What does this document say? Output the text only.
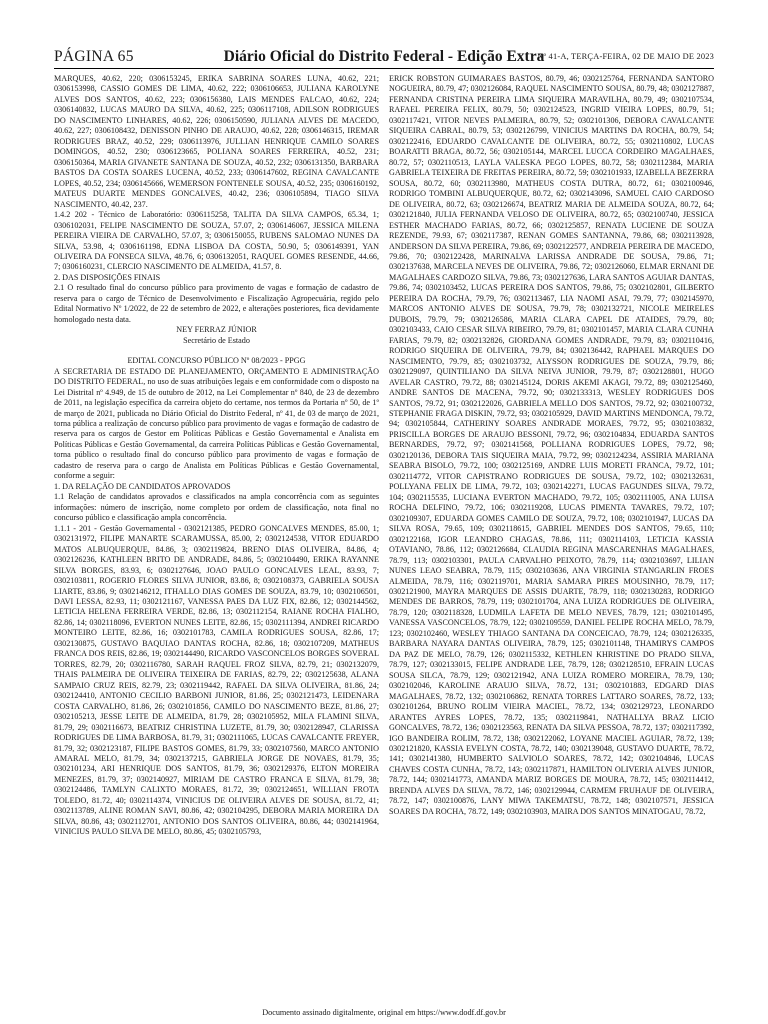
PÁGINA 65	Diário Oficial do Distrito Federal - Edição Extra
Nº 41-A, TERÇA-FEIRA, 02 DE MAIO DE 2023

MARQUES, 40.62, 220; 0306153245, ERIKA SABRINA SOARES LUNA, 40.62, 221; 0306153998, CASSIO GOMES DE LIMA, 40.62, 222; 0306106653, JULIANA KAROLYNE ALVES DOS SANTOS, 40.62, 223; 0306156380, LAIS MENDES FALCAO, 40.62, 224; 0306140832, LUCAS MAURO DA SILVA, 40.62, 225; 0306117108, ADILSON RODRIGUES DO NASCIMENTO LINHARES, 40.62, 226; 0306150590, JULIANA ALVES DE MACEDO, 40.62, 227; 0306108432, DENISSON PINHO DE ARAUJO, 40.62, 228; 0306146315, IREMAR RODRIGUES BRAZ, 40.52, 229; 0306113976, JULLIAN HENRIQUE CAMILO SOARES DOMINGOS, 40.52, 230; 0306123665, POLIANA SOARES FERREIRA, 40.52, 231; 0306150364, MARIA GIVANETE SANTANA DE SOUZA, 40.52, 232; 0306131350, BARBARA BASTOS DA COSTA SOARES LUCENA, 40.52, 233; 0306147602, REGINA CAVALCANTE LOPES, 40.52, 234; 0306145666, WEMERSON FONTENELE SOUSA, 40.52, 235; 0306160192, MATEUS DUARTE MENDES GONCALVES, 40.42, 236; 0306105894, TIAGO SILVA NASCIMENTO, 40.42, 237.

1.4.2 202 - Técnico de Laboratório: 0306115258, TALITA DA SILVA CAMPOS, 65.34, 1; 0306102031, FELIPE NASCIMENTO DE SOUZA, 57.07, 2; 0306146067, JESSICA MILENA PEREIRA VIEIRA DE CARVALHO, 57.07, 3; 0306150055, RUBENS SALOMAO NUNES DA SILVA, 53.98, 4; 0306161198, EDNA LISBOA DA COSTA, 50.90, 5; 0306149391, YAN OLIVEIRA DA FONSECA SILVA, 48.76, 6; 0306132051, RAQUEL GOMES RESENDE, 44.66, 7; 0306160231, CLERCIO NASCIMENTO DE ALMEIDA, 41.57, 8.

2. DAS DISPOSIÇÕES FINAIS

2.1 O resultado final do concurso público para provimento de vagas e formação de cadastro de reserva para o cargo de Técnico de Desenvolvimento e Fiscalização Agropecuária, regido pelo Edital Normativo Nº 1/2022, de 22 de setembro de 2022, e alterações posteriores, fica devidamente homologado nesta data.

NEY FERRAZ JÚNIOR

Secretário de Estado

EDITAL CONCURSO PÚBLICO Nº 08/2023 - PPGG

A SECRETARIA DE ESTADO DE PLANEJAMENTO, ORÇAMENTO E ADMINISTRAÇÃO DO DISTRITO FEDERAL, no uso de suas atribuições legais e em conformidade com o disposto na Lei Distrital nº 4.949, de 15 de outubro de 2012, na Lei Complementar nº 840, de 23 de dezembro de 2011, na legislação específica da carreira objeto do certame, nos termos da Portaria nº 50, de 1º de março de 2021, publicada no Diário Oficial do Distrito Federal, nº 41, de 03 de março de 2021, torna pública a realização de concurso público para provimento de vagas e formação de cadastro de reserva para os cargos de Gestor em Políticas Públicas e Gestão Governamental e Analista em Políticas Públicas e Gestão Governamental, da carreira Políticas Públicas e Gestão Governamental, torna público o resultado final do concurso público para provimento de vagas e formação de cadastro de reserva para o cargo de Analista em Políticas Públicas e Gestão Governamental, conforme a seguir:

1. DA RELAÇÃO DE CANDIDATOS APROVADOS

1.1 Relação de candidatos aprovados e classificados na ampla concorrência com as seguintes informações: número de inscrição, nome completo por ordem de classificação, nota final no concurso público e classificação ampla concorrência.

1.1.1 - 201 - Gestão Governamental - 0302121385, PEDRO GONCALVES MENDES, 85.00, 1; 0302131972, FILIPE MANARTE SCARAMUSSA, 85.00, 2; 0302124538, VITOR EDUARDO MATOS ALBUQUERQUE, 84.86, 3; 0302119824, BRENO DIAS OLIVEIRA, 84.86, 4; 0302126236, KATHLEEN BRITO DE ANDRADE, 84.86, 5; 0302104490, ERIKA RAYANNE SILVA BORGES, 83.93, 6; 0302127646, JOAO PAULO GONCALVES LEAL, 83.93, 7; 0302103811, ROGERIO FLORES SILVA JUNIOR, 83.86, 8; 0302108373, GABRIELA SOUSA LIARTE, 83.86, 9; 0302146212, ITHALLO DIAS GOMES DE SOUZA, 83.79, 10; 0302106501, DAVI LESSA, 82.93, 11; 0302121167, VANESSA PAES DA LUZ FIX, 82.86, 12; 0302144562, LETICIA HELENA FERREIRA VERDE, 82.86, 13; 0302112154, RAIANE ROCHA FIALHO, 82.86, 14; 0302118096, EVERTON NUNES LEITE, 82.86, 15; 0302111394, ANDREI RICARDO MONTEIRO LEITE, 82.86, 16; 0302101783, CAMILA RODRIGUES SOUSA, 82.86, 17; 0302130875, GUSTAVO BAQUIAO DANTAS ROCHA, 82.86, 18; 0302107209, MATHEUS FRANCA DOS REIS, 82.86, 19; 0302144490, RICARDO VASCONCELOS BORGES SOVERAL TORRES, 82.79, 20; 0302116780, SARAH RAQUEL FROZ SILVA, 82.79, 21; 0302132079, THAIS PALMEIRA DE OLIVEIRA TEIXEIRA DE FARIAS, 82.79, 22; 0302125638, ALANA SAMPAIO CRUZ REIS, 82.79, 23; 0302119442, RAFAEL DA SILVA OLIVEIRA, 81.86, 24; 0302124410, ANTONIO CECILIO BARBONI JUNIOR, 81.86, 25; 0302121473, LEIDENARA COSTA CARVALHO, 81.86, 26; 0302101856, CAMILO DO NASCIMENTO BEZE, 81.86, 27; 0302105213, JESSE LEITE DE ALMEIDA, 81.79, 28; 0302105952, MILA FLAMINI SILVA, 81.79, 29; 0302116673, BEATRIZ CHRISTINA LUZETE, 81.79, 30; 0302128947, CLARISSA RODRIGUES DE LIMA BARBOSA, 81.79, 31; 0302111065, LUCAS CAVALCANTE FREYER, 81.79, 32; 0302123187, FILIPE BASTOS GOMES, 81.79, 33; 0302107560, MARCO ANTONIO AMARAL MELO, 81.79, 34; 0302137215, GABRIELA JORGE DE NOVAES, 81.79, 35; 0302101234, ARI HENRIQUE DOS SANTOS, 81.79, 36; 0302129376, ELTON MOREIRA MENEZES, 81.79, 37; 0302140927, MIRIAM DE CASTRO FRANCA E SILVA, 81.79, 38; 0302124486, TAMLYN CALIXTO MORAES, 81.72, 39; 0302124651, WILLIAN FROTA TOLEDO, 81.72, 40; 0302114374, VINICIUS DE OLIVEIRA ALVES DE SOUSA, 81.72, 41; 0302113789, ALINE ROMAN SAVI, 80.86, 42; 0302104295, DEBORA MARIA MOREIRA DA SILVA, 80.86, 43; 0302112701, ANTONIO DOS SANTOS OLIVEIRA, 80.86, 44; 0302141964, VINICIUS PAULO SILVA DE MELO, 80.86, 45; 0302105793,

ERICK ROBSTON GUIMARAES BASTOS, 80.79, 46; 0302125764, FERNANDA SANTORO NOGUEIRA, 80.79, 47; 0302126084, RAQUEL NASCIMENTO SOUSA, 80.79, 48; 0302127887, FERNANDA CRISTINA PEREIRA LIMA SIQUEIRA MARAVILHA, 80.79, 49; 0302107534, RAFAEL PEREIRA FELIX, 80.79, 50; 0302124523, INGRID VIEIRA LOPES, 80.79, 51; 0302117421, VITOR NEVES PALMEIRA, 80.79, 52; 0302101306, DEBORA CAVALCANTE SIQUEIRA CABRAL, 80.79, 53; 0302126799, VINICIUS MARTINS DA ROCHA, 80.79, 54; 0302122416, EDUARDO CAVALCANTE DE OLIVEIRA, 80.72, 55; 0302110802, LUCAS BOARATTI BRAGA, 80.72, 56; 0302105144, MARCEL LUCCA CORDEIRO MAGALHAES, 80.72, 57; 0302110513, LAYLA VALESKA PEGO LOPES, 80.72, 58; 0302112384, MARIA GABRIELA TEIXEIRA DE FREITAS PEREIRA, 80.72, 59; 0302101933, IZABELLA BEZERRA SOUSA, 80.72, 60; 0302113980, MATHEUS COSTA DUTRA, 80.72, 61; 0302100946, RODRIGO TOMBINI ALBUQUERQUE, 80.72, 62; 0302143096, SAMUEL CAIO CARDOSO DE OLIVEIRA, 80.72, 63; 0302126674, BEATRIZ MARIA DE ALMEIDA SOUZA, 80.72, 64; 0302121840, JULIA FERNANDA VELOSO DE OLIVEIRA, 80.72, 65; 0302100740, JESSICA ESTHER MACHADO FARIAS, 80.72, 66; 0302125857, RENATA LUCIENE DE SOUZA REZENDE, 79.93, 67; 0302117387, RENAN GOMES SANTANNA, 79.86, 68; 0302113928, ANDERSON DA SILVA PEREIRA, 79.86, 69; 0302122577, ANDREIA PEREIRA DE MACEDO, 79.86, 70; 0302122428, MARINALVA LARISSA ANDRADE DE SOUSA, 79.86, 71; 0302137638, MARCELA NEVES DE OLIVEIRA, 79.86, 72; 0302126060, ELMAR ERNANI DE MAGALHAES CARDOZO SILVA, 79.86, 73; 0302127636, LARA SANTOS AGUIAR DANTAS, 79.86, 74; 0302103452, LUCAS PEREIRA DOS SANTOS, 79.86, 75; 0302102801, GILBERTO PEREIRA DA ROCHA, 79.79, 76; 0302113467, LIA NAOMI ASAI, 79.79, 77; 0302145970, MARCOS ANTONIO ALVES DE SOUSA, 79.79, 78; 0302132721, NICOLE MEIRELES DUBOIS, 79.79, 79; 0302126586, MARIA CLARA CAPEL DE ATAIDES, 79.79, 80; 0302103433, CAIO CESAR SILVA RIBEIRO, 79.79, 81; 0302101457, MARIA CLARA CUNHA FARIAS, 79.79, 82; 0302132826, GIORDANA GOMES ANDRADE, 79.79, 83; 0302110416, RODRIGO SIQUEIRA DE OLIVEIRA, 79.79, 84; 0302136442, RAPHAEL MARQUES DO NASCIMENTO, 79.79, 85; 0302103732, ALYSSON RODRIGUES DE SOUZA, 79.79, 86; 0302129097, QUINTILIANO DA SILVA NEIVA JUNIOR, 79.79, 87; 0302128801, HUGO AVELAR CASTRO, 79.72, 88; 0302145124, DORIS AKEMI AKAGI, 79.72, 89; 0302125460, ANDRE SANTOS DE MACENA, 79.72, 90; 0302133313, WESLEY RODRIGUES DOS SANTOS, 79.72, 91; 0302122026, GABRIELA MELLO DOS SANTOS, 79.72, 92; 0302100732, STEPHANIE FRAGA DISKIN, 79.72, 93; 0302105929, DAVID MARTINS MENDONCA, 79.72, 94; 0302105844, CATHERINY SOARES ANDRADE MORAES, 79.72, 95; 0302103832, PRISCILLA BORGES DE ARAUJO BESSONI, 79.72, 96; 0302104834, EDUARDA SANTOS BERNARDES, 79.72, 97; 0302141568, POLLIANA RODRIGUES LOPES, 79.72, 98; 0302120136, DEBORA TAIS SIQUEIRA MAIA, 79.72, 99; 0302124234, ASSIRIA MARIANA SEABRA BISOLO, 79.72, 100; 0302125169, ANDRE LUIS MORETI FRANCA, 79.72, 101; 0302114772, VITOR CAPISTRANO RODRIGUES DE SOUSA, 79.72, 102; 0302132631, POLLYANA FELIX DE LIMA, 79.72, 103; 0302142271, LUCAS FAGUNDES SILVA, 79.72, 104; 0302115535, LUCIANA EVERTON MACHADO, 79.72, 105; 0302111005, ANA LUISA ROCHA DELFINO, 79.72, 106; 0302119208, LUCAS PIMENTA TAVARES, 79.72, 107; 0302109307, EDUARDA GOMES CAMILO DE SOUZA, 79.72, 108; 0302101947, LUCAS DA SILVA ROSA, 79.65, 109; 0302118615, GABRIEL MENDES DOS SANTOS, 79.65, 110; 0302122168, IGOR LEANDRO CHAGAS, 78.86, 111; 0302114103, LETICIA KASSIA OTAVIANO, 78.86, 112; 0302126684, CLAUDIA REGINA MASCARENHAS MAGALHAES, 78.79, 113; 0302103301, PAULA CARVALHO PEIXOTO, 78.79, 114; 0302103697, LILIAN NUNES LEAO SEABRA, 78.79, 115; 0302103636, ANA VIRGINIA STANGARLIN FROES ALMEIDA, 78.79, 116; 0302119701, MARIA SAMARA PIRES MOUSINHO, 78.79, 117; 0302121900, MAYRA MARQUES DE ASSIS DUARTE, 78.79, 118; 0302130283, RODRIGO MENDES DE BARROS, 78.79, 119; 0302101704, ANA LUIZA RODRIGUES DE OLIVEIRA, 78.79, 120; 0302118328, LUDMILA LAFETA DE MELO NEVES, 78.79, 121; 0302101495, VANESSA VASCONCELOS, 78.79, 122; 0302109559, DANIEL FELIPE ROCHA MELO, 78.79, 123; 0302102460, WESLEY THIAGO SANTANA DA CONCEICAO, 78.79, 124; 0302126335, BARBARA NAYARA DANTAS OLIVEIRA, 78.79, 125; 0302101148, THAMIRYS CAMPOS DA PAZ DE MELO, 78.79, 126; 0302115332, KETHLEN KHRISTINE DO PRADO SILVA, 78.79, 127; 0302133015, FELIPE ANDRADE LEE, 78.79, 128; 0302128510, EFRAIN LUCAS SOUSA SILCA, 78.79, 129; 0302121942, ANA LUIZA ROMERO MOREIRA, 78.79, 130; 0302102046, KAROLINE ARAUJO SILVA, 78.72, 131; 0302101883, EDGARD DIAS MAGALHAES, 78.72, 132; 0302106862, RENATA TORRES LATTARO SOARES, 78.72, 133; 0302101264, BRUNO ROLIM VIEIRA MACIEL, 78.72, 134; 0302129723, LEONARDO ARANTES AYRES LOPES, 78.72, 135; 0302119841, NATHALLYA BRAZ LICIO GONCALVES, 78.72, 136; 0302123563, RENATA DA SILVA PESSOA, 78.72, 137; 0302117392, IGO BANDEIRA ROLIM, 78.72, 138; 0302122062, LOYANE MACIEL AGUIAR, 78.72, 139; 0302121820, KASSIA EVELYN COSTA, 78.72, 140; 0302139048, GUSTAVO DUARTE, 78.72, 141; 0302141380, HUMBERTO SALVIOLO SOARES, 78.72, 142; 0302104846, LUCAS CHAVES COSTA CUNHA, 78.72, 143; 0302117871, HAMILTON OLIVERIA ALVES JUNIOR, 78.72, 144; 0302141773, AMANDA MARIZ BORGES DE MOURA, 78.72, 145; 0302114412, BRENDA ALVES DA SILVA, 78.72, 146; 0302129944, CARMEM FRUHAUF DE OLIVEIRA, 78.72, 147; 0302100876, LANY MIWA TAKEMATSU, 78.72, 148; 0302107571, JESSICA SOARES DA ROCHA, 78.72, 149; 0302103903, MAIRA DOS SANTOS MINATOGAU, 78.72,

Documento assinado digitalmente, original em https://www.dodf.df.gov.br
